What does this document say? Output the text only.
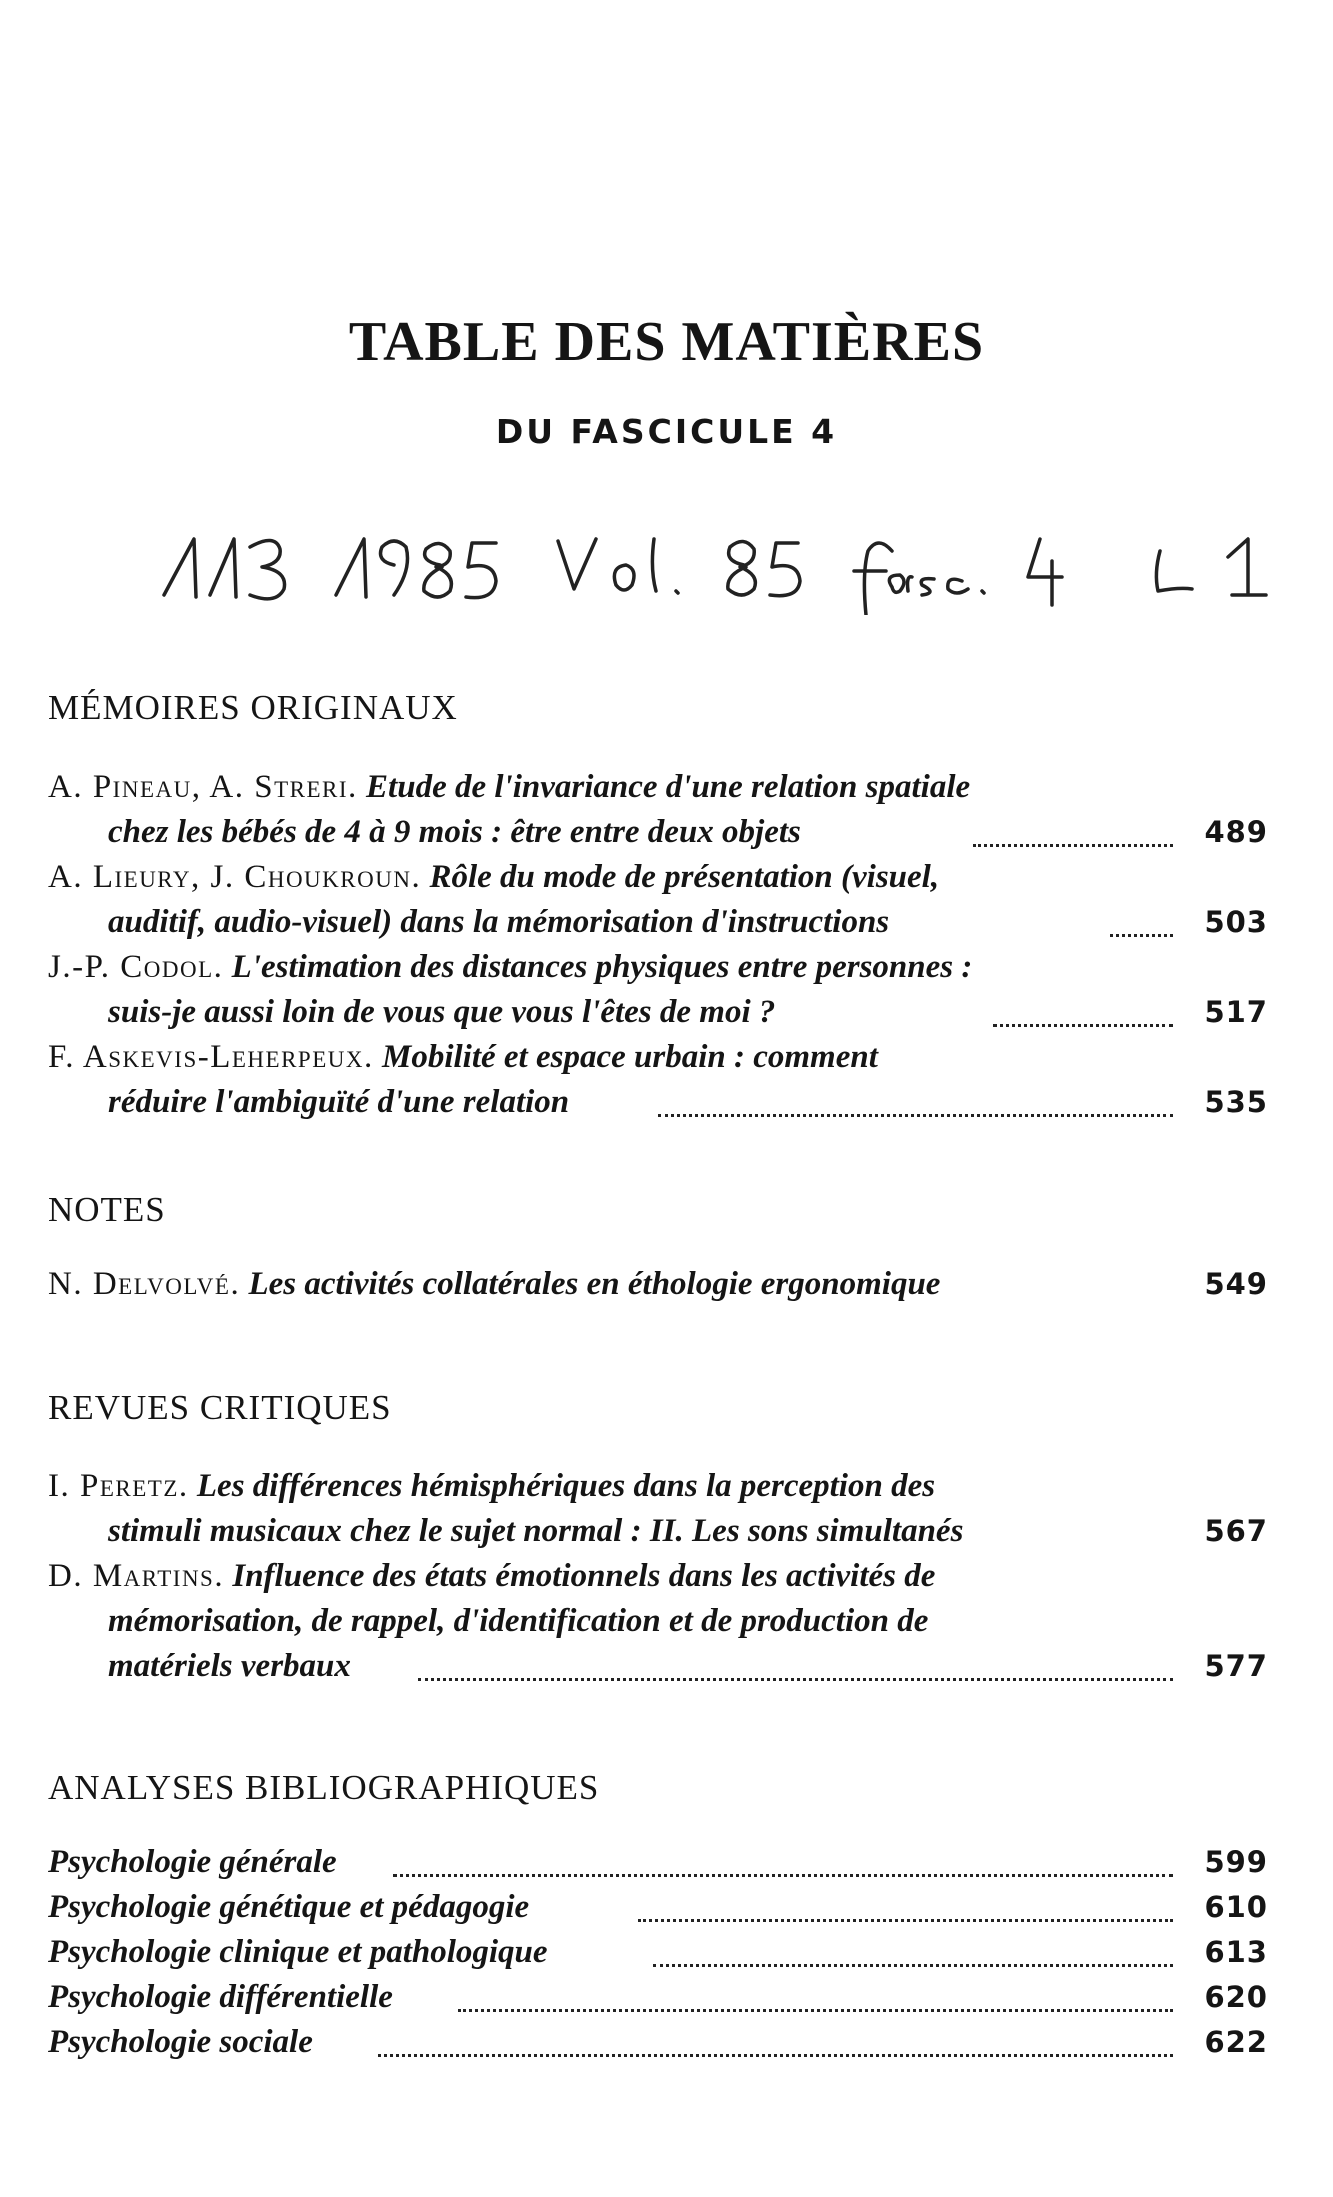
TABLE DES MATIÈRES
DU FASCICULE 4
MÉMOIRES ORIGINAUX
A. Pineau, A. Streri. Etude de l'invariance d'une relation spatiale
chez les bébés de 4 à 9 mois : être entre deux objets	489
A. Lieury, J. Choukroun. Rôle du mode de présentation (visuel,
auditif, audio-visuel) dans la mémorisation d'instructions	503
J.-P. Codol. L'estimation des distances physiques entre personnes :
suis-je aussi loin de vous que vous l'êtes de moi ?	517
F. Askevis-Leherpeux. Mobilité et espace urbain : comment
réduire l'ambiguïté d'une relation	535
NOTES
N. Delvolvé. Les activités collatérales en éthologie ergonomique	549
REVUES CRITIQUES
I. Peretz. Les différences hémisphériques dans la perception des
stimuli musicaux chez le sujet normal : II. Les sons simultanés	567
D. Martins. Influence des états émotionnels dans les activités de
mémorisation, de rappel, d'identification et de production de
matériels verbaux	577
ANALYSES BIBLIOGRAPHIQUES
Psychologie générale	599
Psychologie génétique et pédagogie	610
Psychologie clinique et pathologique	613
Psychologie différentielle	620
Psychologie sociale	622
